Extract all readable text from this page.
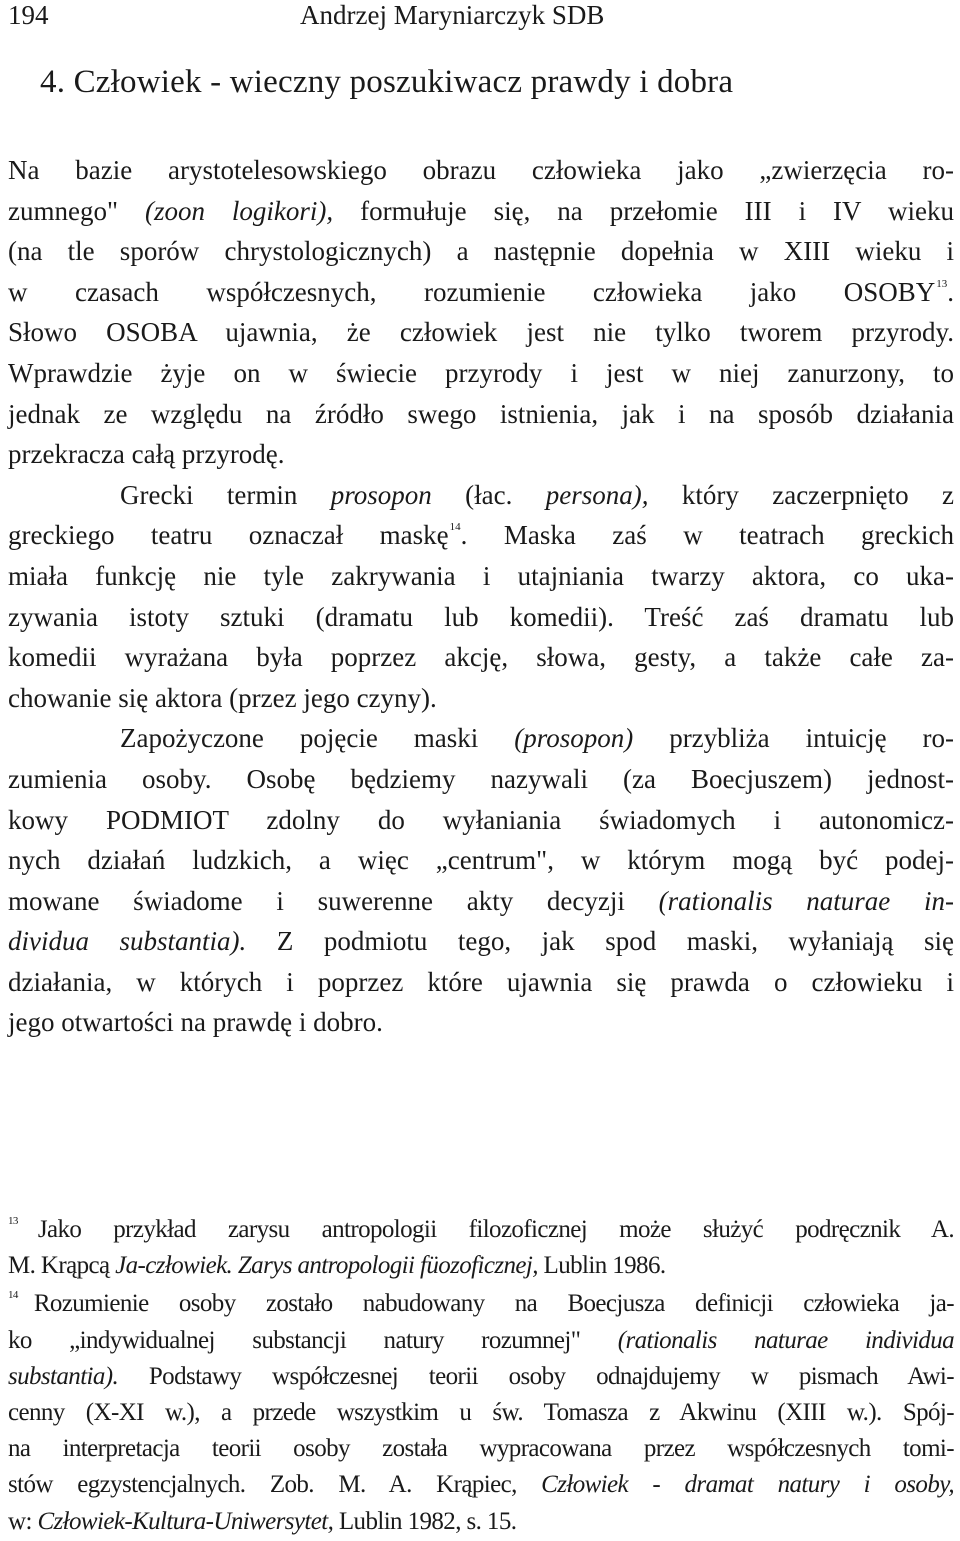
194	Andrzej Maryniarczyk SDB
4. Człowiek - wieczny poszukiwacz prawdy i dobra
Na bazie arystotelesowskiego obrazu człowieka jako „zwierzęcia ro-
zumnego" (zoon logikori), formułuje się, na przełomie III i IV wieku
(na tle sporów chrystologicznych) a następnie dopełnia w XIII wieku i
w czasach współczesnych, rozumienie człowieka jako OSOBY$^{13}$.
Słowo OSOBA ujawnia, że człowiek jest nie tylko tworem przyrody.
Wprawdzie żyje on w świecie przyrody i jest w niej zanurzony, to
jednak ze względu na źródło swego istnienia, jak i na sposób działania
przekracza całą przyrodę.
Grecki termin prosopon (łac. persona), który zaczerpnięto z
greckiego teatru oznaczał maskę$^{14}$. Maska zaś w teatrach greckich
miała funkcję nie tyle zakrywania i utajniania twarzy aktora, co uka-
zywania istoty sztuki (dramatu lub komedii). Treść zaś dramatu lub
komedii wyrażana była poprzez akcję, słowa, gesty, a także całe za-
chowanie się aktora (przez jego czyny).
Zapożyczone pojęcie maski (prosopon) przybliża intuicję ro-
zumienia osoby. Osobę będziemy nazywali (za Boecjuszem) jednost-
kowy PODMIOT zdolny do wyłaniania świadomych i autonomicz-
nych działań ludzkich, a więc „centrum", w którym mogą być podej-
mowane świadome i suwerenne akty decyzji (rationalis naturae in-
dividua substantia). Z podmiotu tego, jak spod maski, wyłaniają się
działania, w których i poprzez które ujawnia się prawda o człowieku i
jego otwartości na prawdę i dobro.
$^{13}$ Jako przykład zarysu antropologii filozoficznej może służyć podręcznik A.
M. Krąpcą Ja-człowiek. Zarys antropologii füozoficznej, Lublin 1986.
$^{14}$ Rozumienie osoby zostało nabudowany na Boecjusza definicji człowieka ja-
ko „indywidualnej substancji natury rozumnej" (rationalis naturae individua
substantia). Podstawy współczesnej teorii osoby odnajdujemy w pismach Awi-
cenny (X-XI w.), a przede wszystkim u św. Tomasza z Akwinu (XIII w.). Spój-
na interpretacja teorii osoby została wypracowana przez współczesnych tomi-
stów egzystencjalnych. Zob. M. A. Krąpiec, Człowiek - dramat natury i osoby,
w: Człowiek-Kultura-Uniwersytet, Lublin 1982, s. 15.
